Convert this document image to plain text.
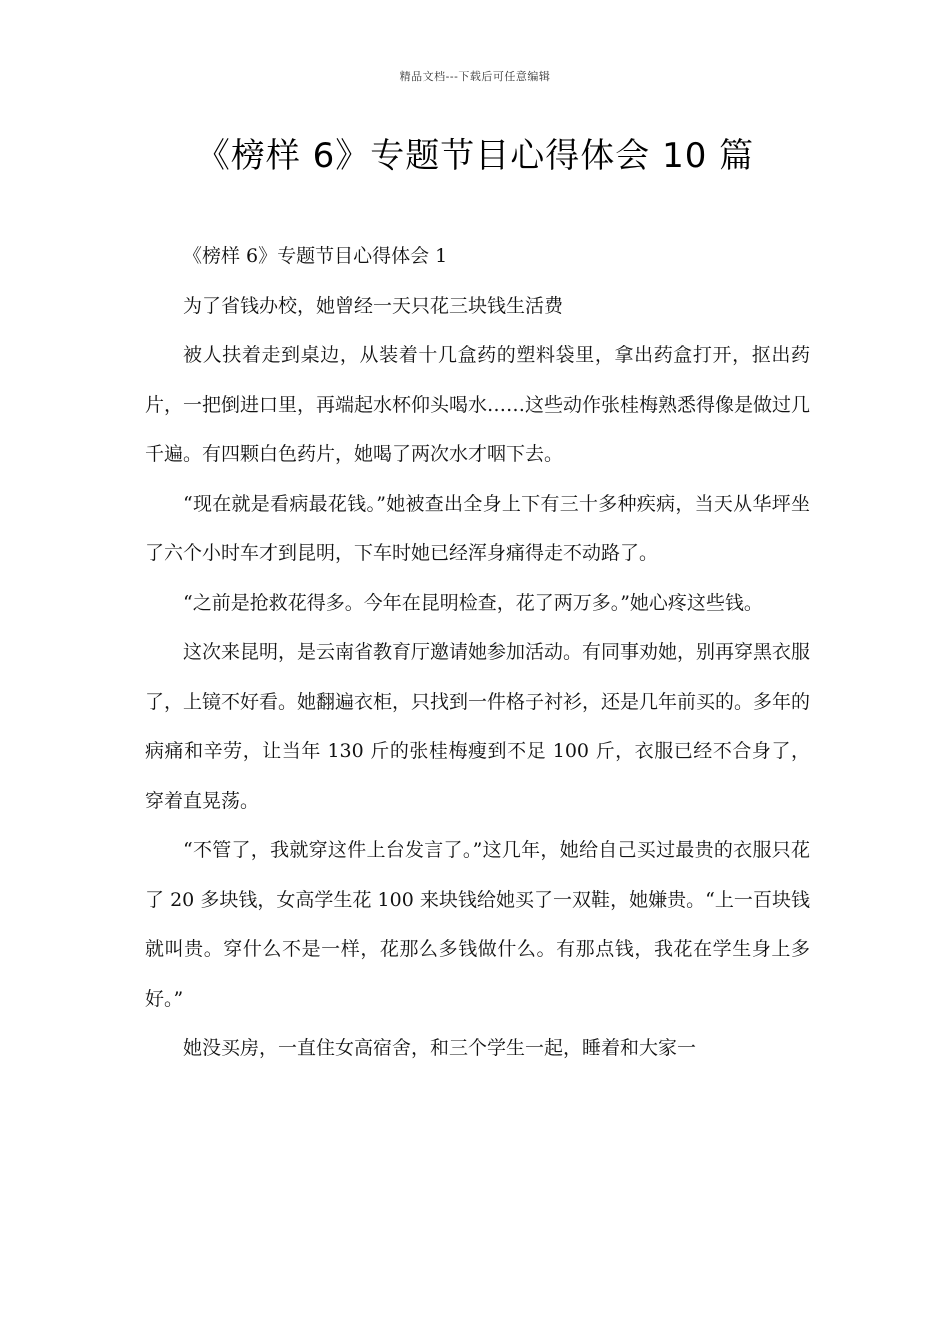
精品文档---下载后可任意编辑
《榜样 6》专题节目心得体会 10 篇

《榜样 6》专题节目心得体会 1

为了省钱办校，她曾经一天只花三块钱生活费

被人扶着走到桌边，从装着十几盒药的塑料袋里，拿出药盒打开，抠出药片，一把倒进口里，再端起水杯仰头喝水……这些动作张桂梅熟悉得像是做过几千遍。有四颗白色药片，她喝了两次水才咽下去。

“现在就是看病最花钱。”她被查出全身上下有三十多种疾病，当天从华坪坐了六个小时车才到昆明，下车时她已经浑身痛得走不动路了。

“之前是抢救花得多。今年在昆明检查，花了两万多。”她心疼这些钱。

这次来昆明，是云南省教育厅邀请她参加活动。有同事劝她，别再穿黑衣服了，上镜不好看。她翻遍衣柜，只找到一件格子衬衫，还是几年前买的。多年的病痛和辛劳，让当年 130 斤的张桂梅瘦到不足 100 斤，衣服已经不合身了，穿着直晃荡。

“不管了，我就穿这件上台发言了。”这几年，她给自己买过最贵的衣服只花了 20 多块钱，女高学生花 100 来块钱给她买了一双鞋，她嫌贵。“上一百块钱就叫贵。穿什么不是一样，花那么多钱做什么。有那点钱，我花在学生身上多好。”

她没买房，一直住女高宿舍，和三个学生一起，睡着和大家一
